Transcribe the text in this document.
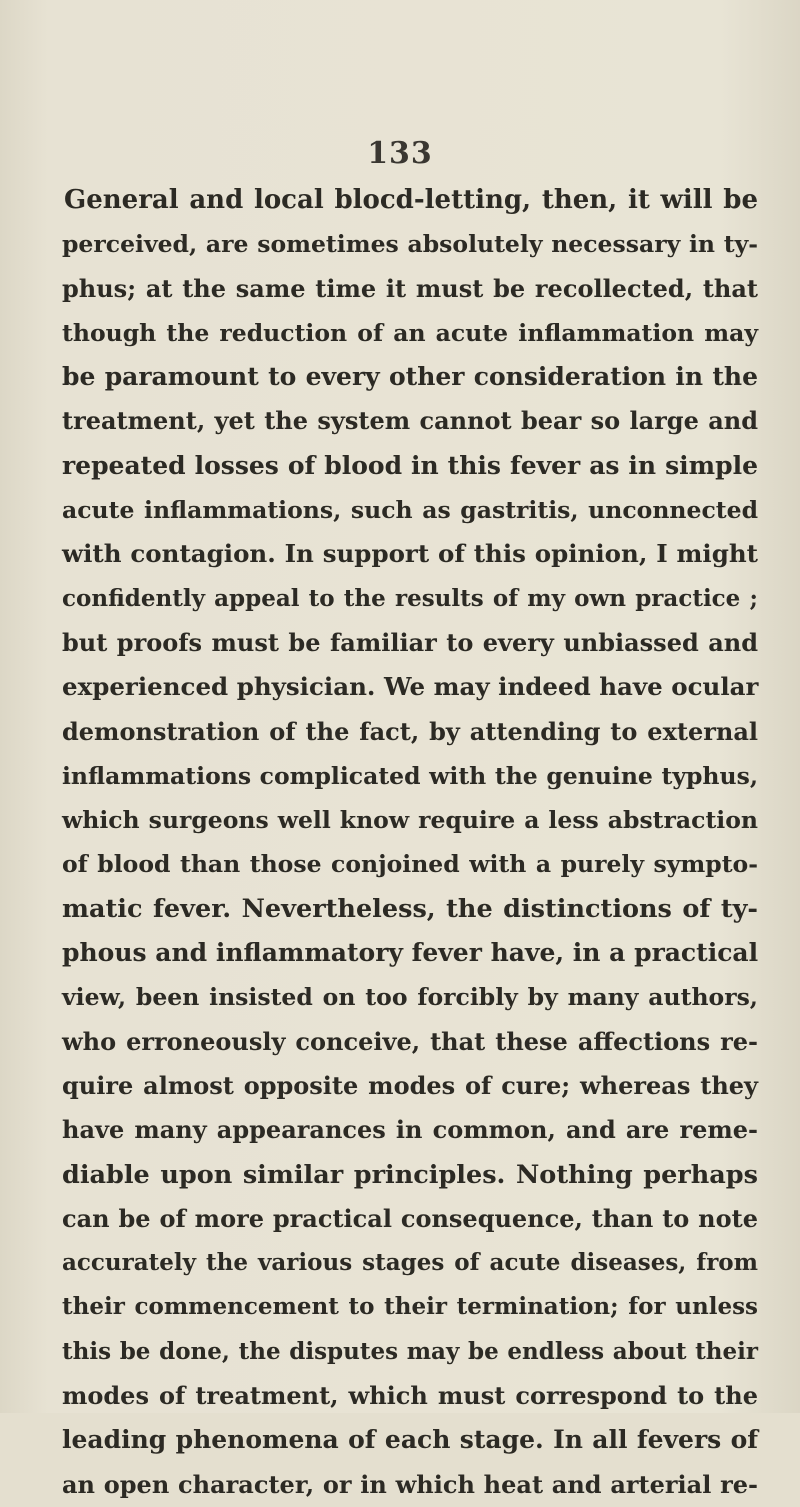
133
General and local blocd-letting, then, it will be
perceived, are sometimes absolutely necessary in ty-
phus; at the same time it must be recollected, that
though the reduction of an acute inflammation may
be paramount to every other consideration in the
treatment, yet the system cannot bear so large and
repeated losses of blood in this fever as in simple
acute inflammations, such as gastritis, unconnected
with contagion. In support of this opinion, I might
confidently appeal to the results of my own practice ;
but proofs must be familiar to every unbiassed and
experienced physician. We may indeed have ocular
demonstration of the fact, by attending to external
inflammations complicated with the genuine typhus,
which surgeons well know require a less abstraction
of blood than those conjoined with a purely sympto-
matic fever. Nevertheless, the distinctions of ty-
phous and inflammatory fever have, in a practical
view, been insisted on too forcibly by many authors,
who erroneously conceive, that these affections re-
quire almost opposite modes of cure; whereas they
have many appearances in common, and are reme-
diable upon similar principles. Nothing perhaps
can be of more practical consequence, than to note
accurately the various stages of acute diseases, from
their commencement to their termination; for unless
this be done, the disputes may be endless about their
modes of treatment, which must correspond to the
leading phenomena of each stage. In all fevers of
an open character, or in which heat and arterial re-
